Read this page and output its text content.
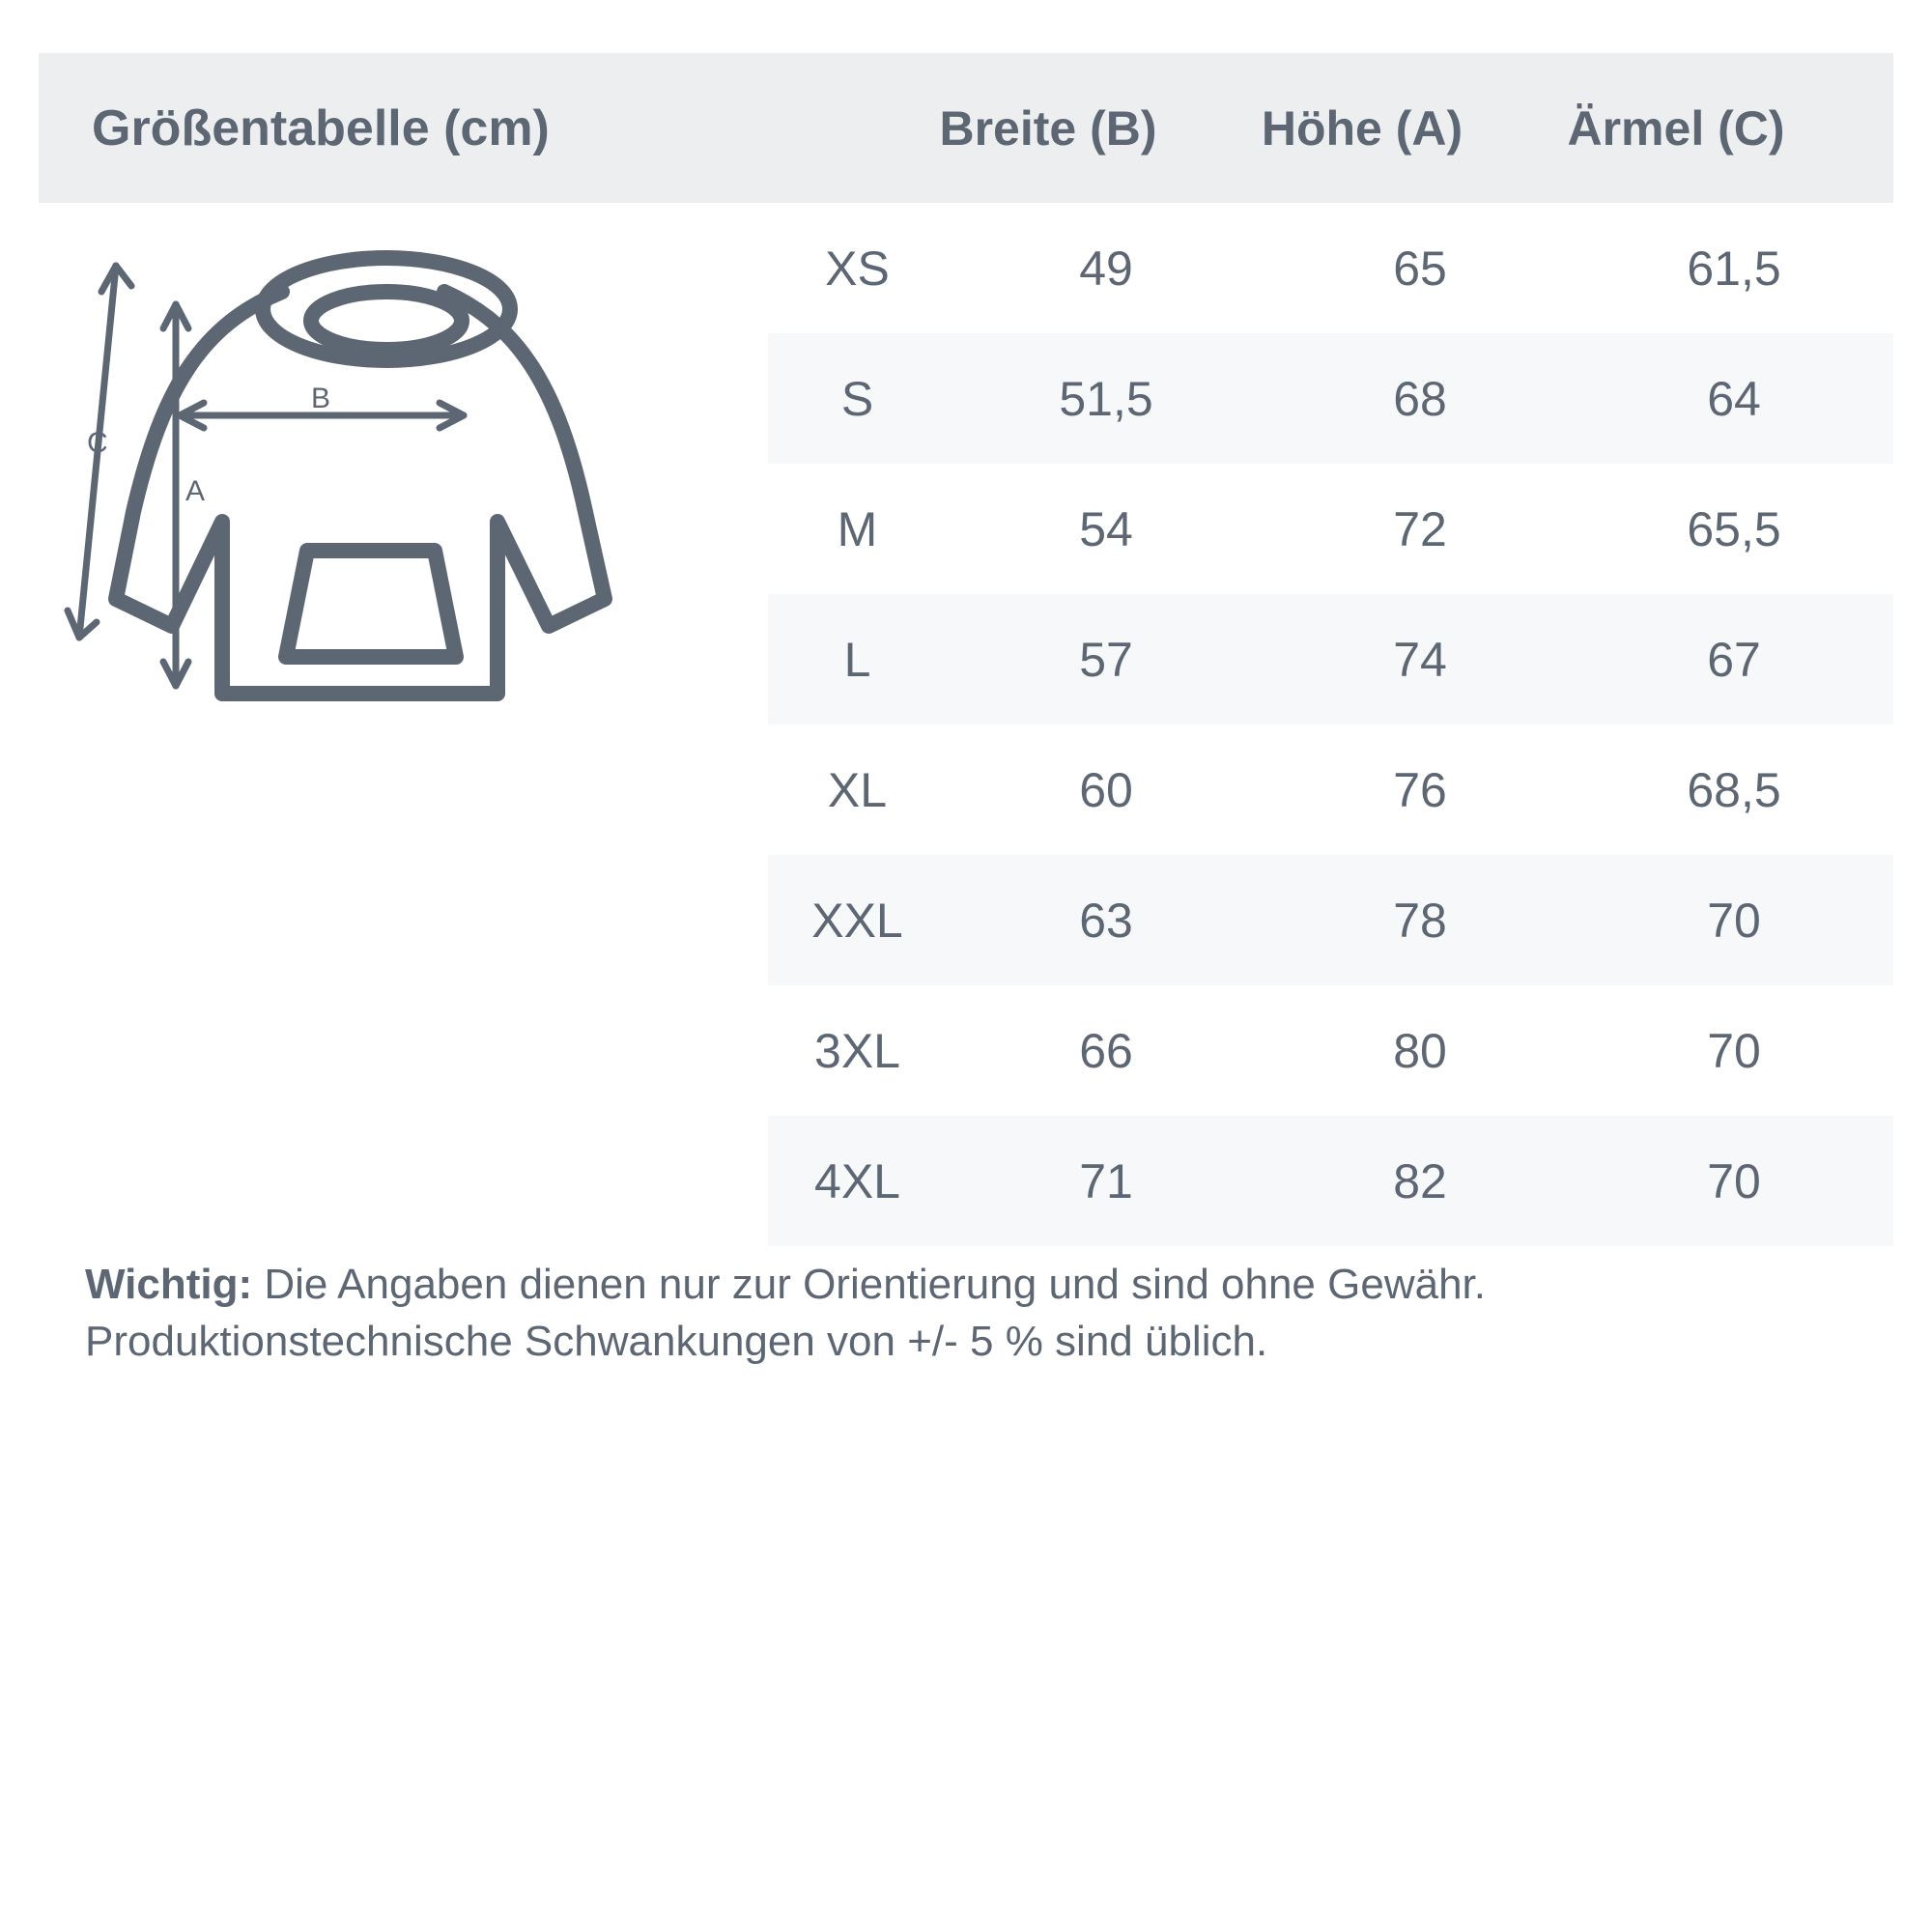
Größentabelle (cm)	Breite (B)	Höhe (A)	Ärmel (C)
C
A
B
XS	49	65	61,5
S	51,5	68	64
M	54	72	65,5
L	57	74	67
XL	60	76	68,5
XXL	63	78	70
3XL	66	80	70
4XL	71	82	70
Wichtig: Die Angaben dienen nur zur Orientierung und sind ohne Gewähr. Produktionstechnische Schwankungen von +/- 5 % sind üblich.
